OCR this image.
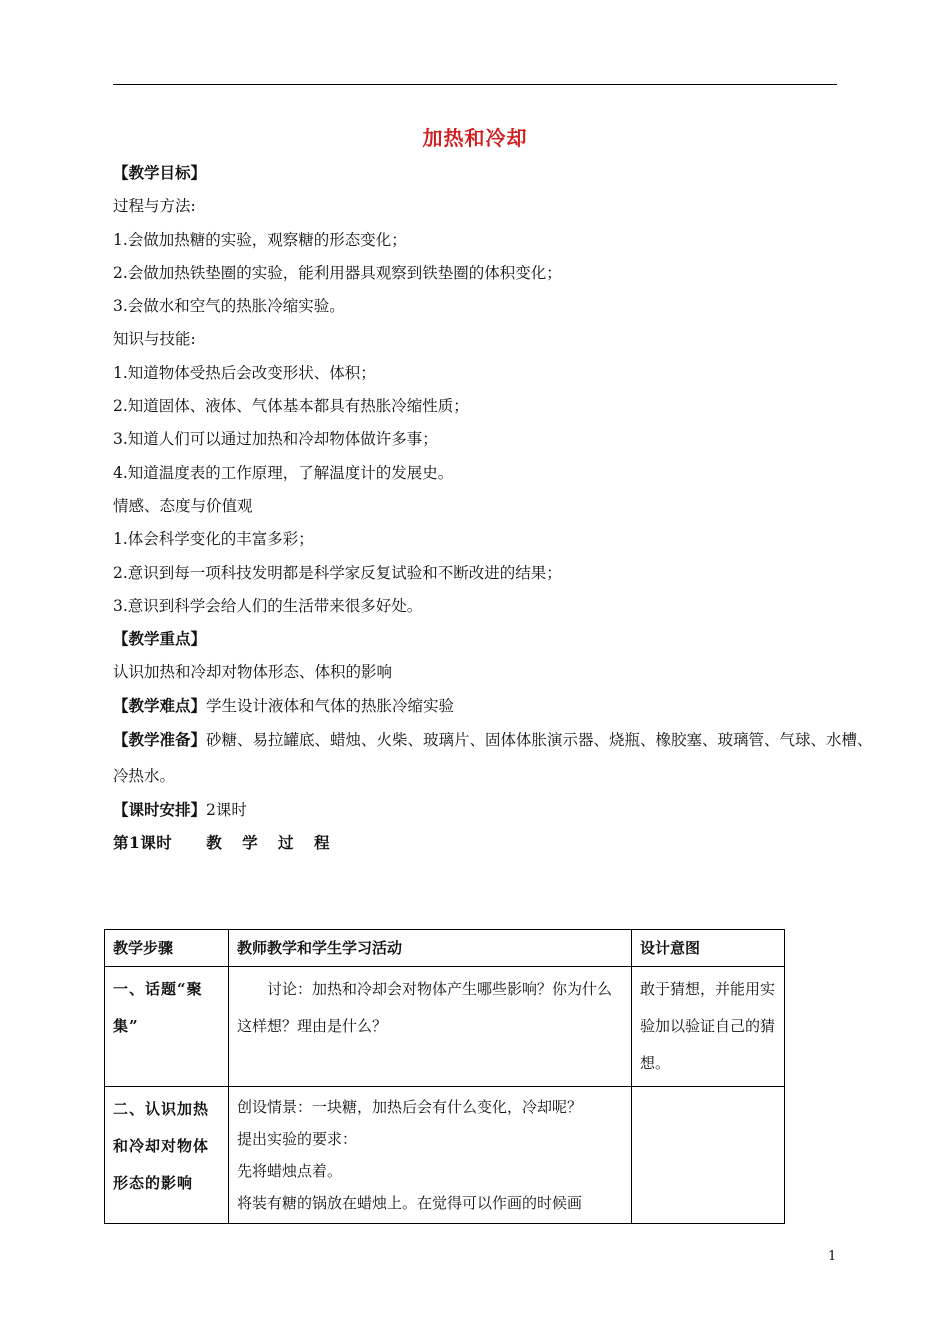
加热和冷却
【教学目标】
过程与方法:
1.会做加热糖的实验，观察糖的形态变化；
2.会做加热铁垫圈的实验，能利用器具观察到铁垫圈的体积变化；
3.会做水和空气的热胀冷缩实验。
知识与技能:
1.知道物体受热后会改变形状、体积；
2.知道固体、液体、气体基本都具有热胀冷缩性质；
3.知道人们可以通过加热和冷却物体做许多事；
4.知道温度表的工作原理，了解温度计的发展史。
情感、态度与价值观
1.体会科学变化的丰富多彩；
2.意识到每一项科技发明都是科学家反复试验和不断改进的结果；
3.意识到科学会给人们的生活带来很多好处。
【教学重点】
认识加热和冷却对物体形态、体积的影响
【教学难点】学生设计液体和气体的热胀冷缩实验
【教学准备】砂糖、易拉罐底、蜡烛、火柴、玻璃片、固体体胀演示器、烧瓶、橡胶塞、玻璃管、气球、水槽、
冷热水。
【课时安排】2课时
第1课时 教 学 过 程
教学步骤	教师教学和学生学习活动	设计意图
一、话题“聚集”	讨论：加热和冷却会对物体产生哪些影响？你为什么这样想？理由是什么？	敢于猜想，并能用实验加以验证自己的猜想。
二、认识加热和冷却对物体形态的影响	创设情景：一块糖，加热后会有什么变化，冷却呢？
提出实验的要求：
先将蜡烛点着。
将装有糖的锅放在蜡烛上。在觉得可以作画的时候画	

1
